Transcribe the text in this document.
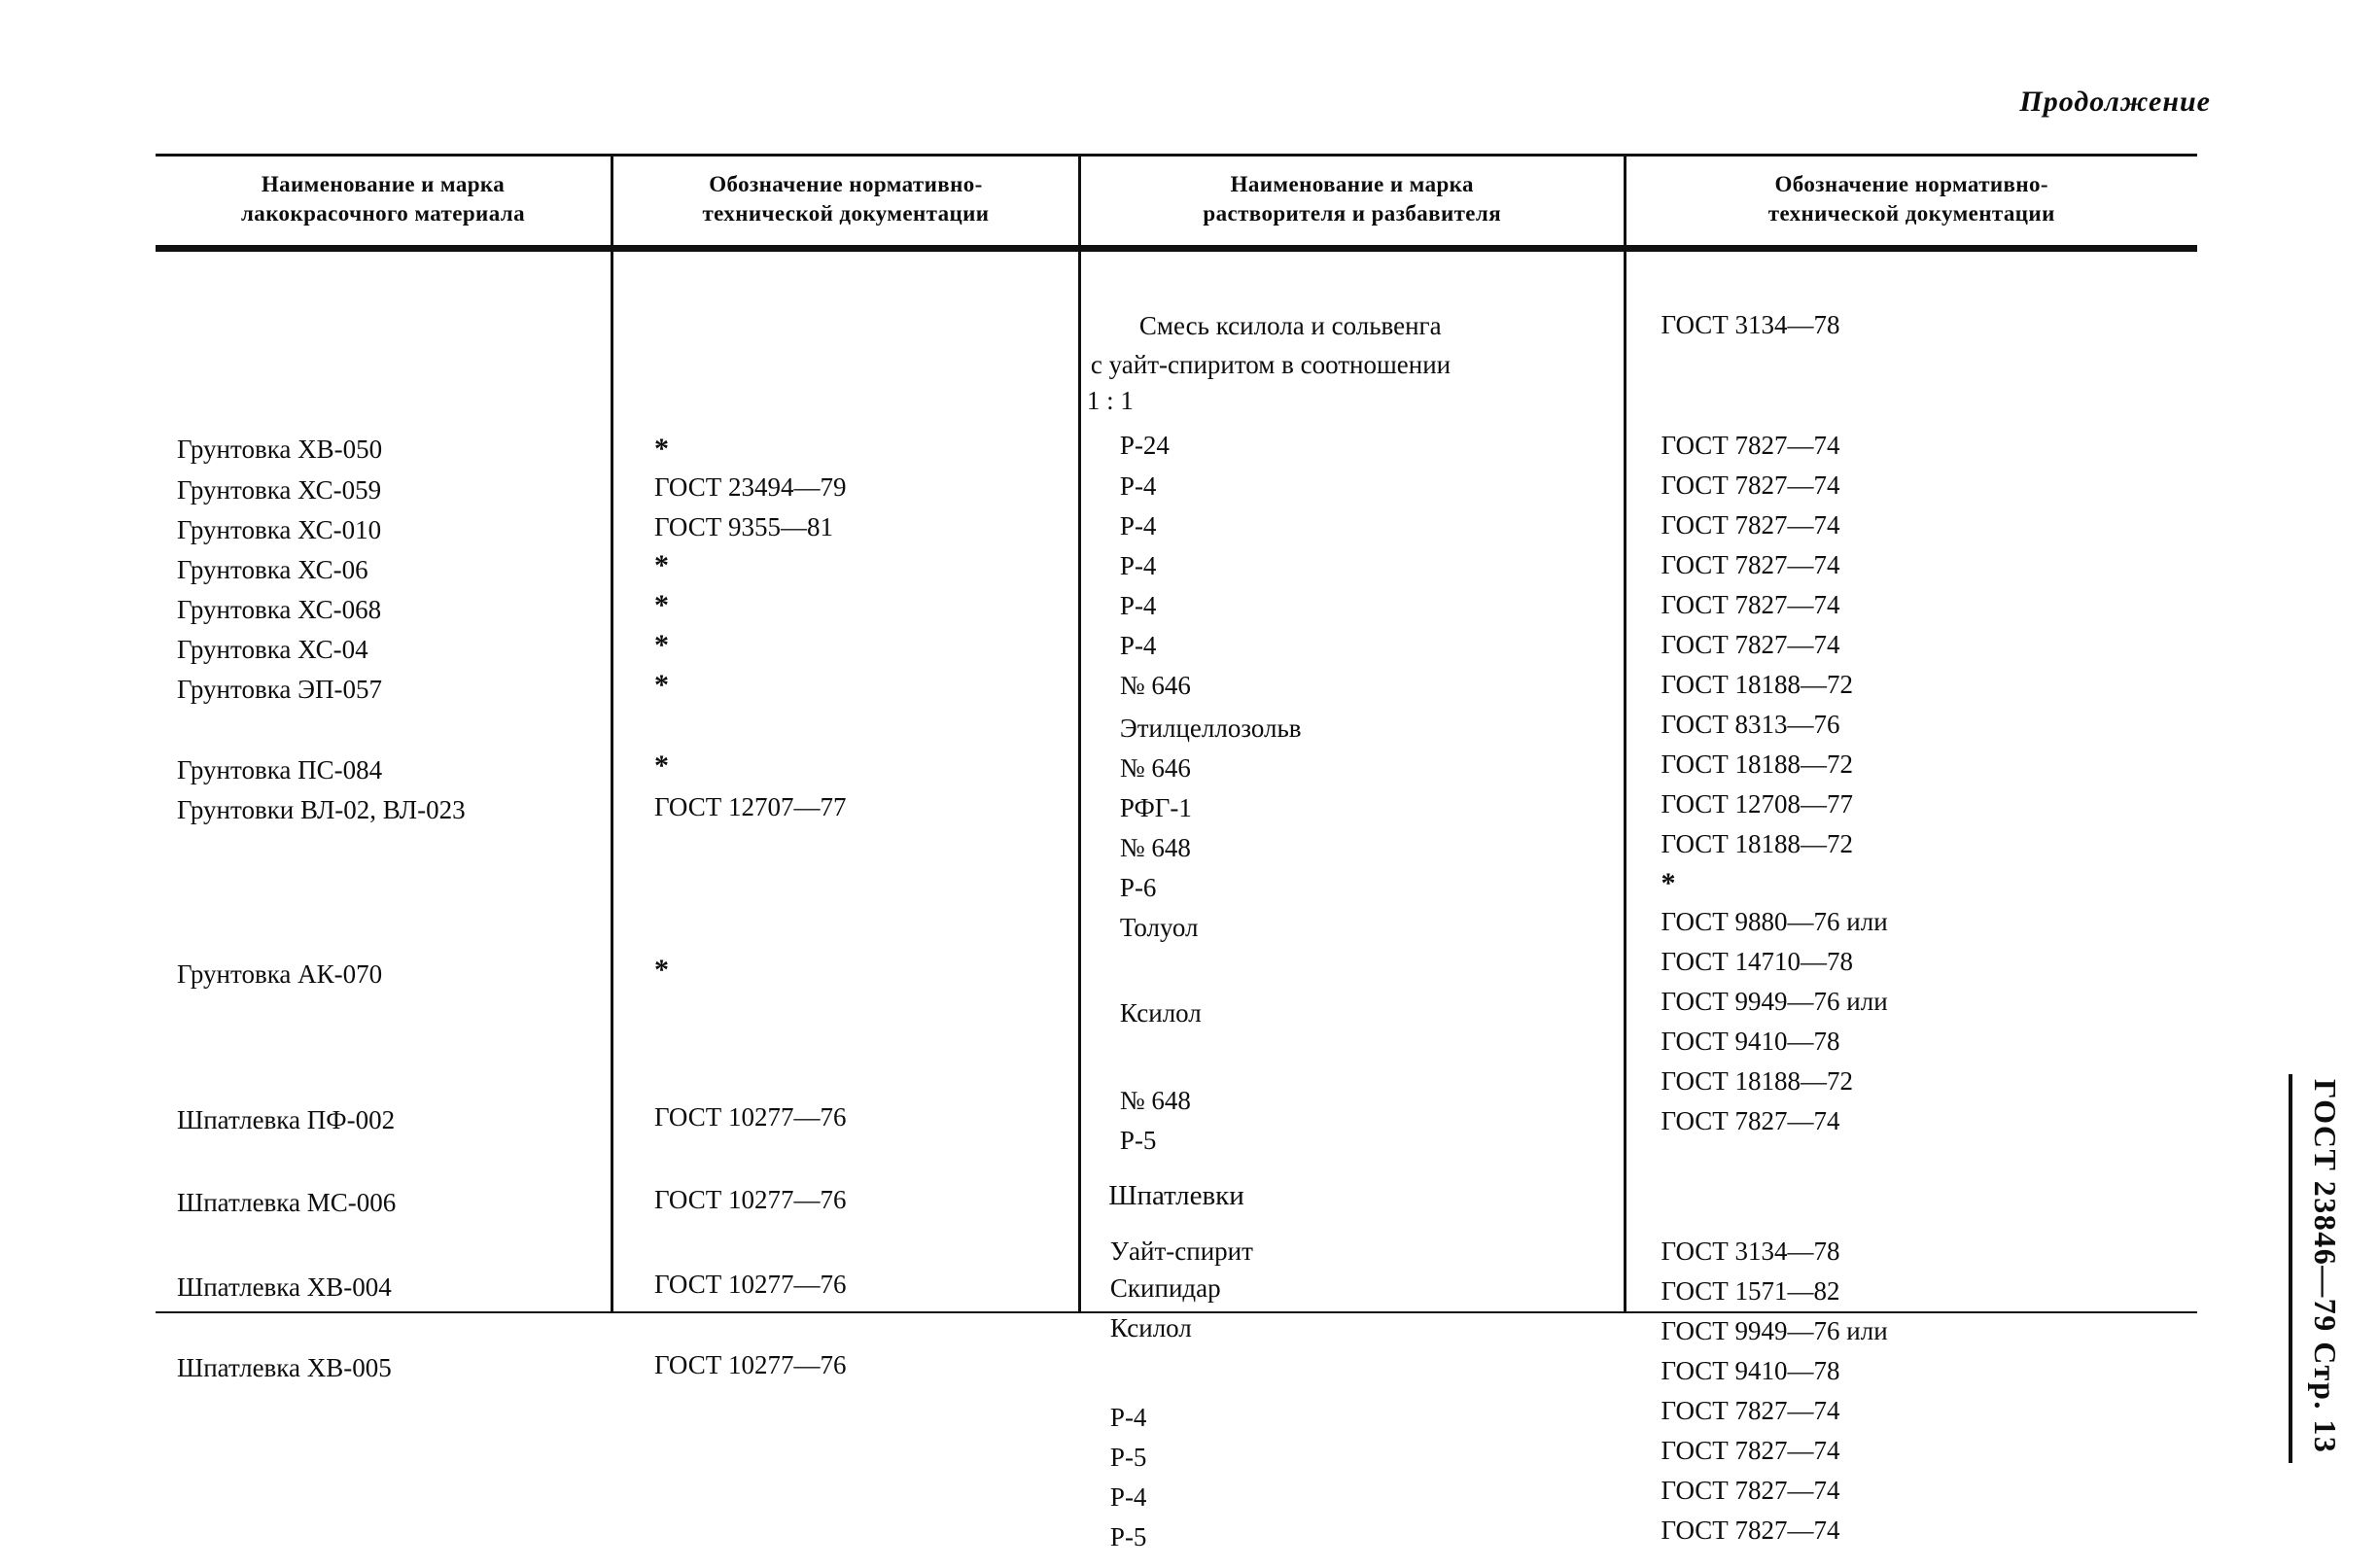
Продолжение
Наименование и марка
лакокрасочного материала
Обозначение нормативно-
технической документации
Наименование и марка
растворителя и разбавителя
Обозначение нормативно-
технической документации
Грунтовка ХВ-050
Грунтовка ХС-059
Грунтовка ХС-010
Грунтовка ХС-06
Грунтовка ХС-068
Грунтовка ХС-04
Грунтовка ЭП-057
Грунтовка ПС-084
Грунтовки ВЛ-02, ВЛ-023
Грунтовка АК-070
Шпатлевка ПФ-002
Шпатлевка МС-006
Шпатлевка ХВ-004
Шпатлевка ХВ-005
*
ГОСТ 23494—79
ГОСТ 9355—81
*
*
*
*
*
ГОСТ 12707—77
*
ГОСТ 10277—76
ГОСТ 10277—76
ГОСТ 10277—76
ГОСТ 10277—76
Смесь ксилола и сольвенга
с уайт-спиритом в соотношении
1 : 1
Р-24
Р-4
Р-4
Р-4
Р-4
Р-4
№ 646
Этилцеллозольв
№ 646
РФГ-1
№ 648
Р-6
Толуол
Ксилол
№ 648
Р-5
Уайт-спирит
Скипидар
Ксилол
Р-4
Р-5
Р-4
Р-5
ГОСТ 3134—78
ГОСТ 7827—74
ГОСТ 7827—74
ГОСТ 7827—74
ГОСТ 7827—74
ГОСТ 7827—74
ГОСТ 7827—74
ГОСТ 18188—72
ГОСТ 8313—76
ГОСТ 18188—72
ГОСТ 12708—77
ГОСТ 18188—72
*
ГОСТ 9880—76 или
ГОСТ 14710—78
ГОСТ 9949—76 или
ГОСТ 9410—78
ГОСТ 18188—72
ГОСТ 7827—74
ГОСТ 3134—78
ГОСТ 1571—82
ГОСТ 9949—76 или
ГОСТ 9410—78
ГОСТ 7827—74
ГОСТ 7827—74
ГОСТ 7827—74
ГОСТ 7827—74
Шпатлевки	ГОСТ 23846—79 Стр. 13
